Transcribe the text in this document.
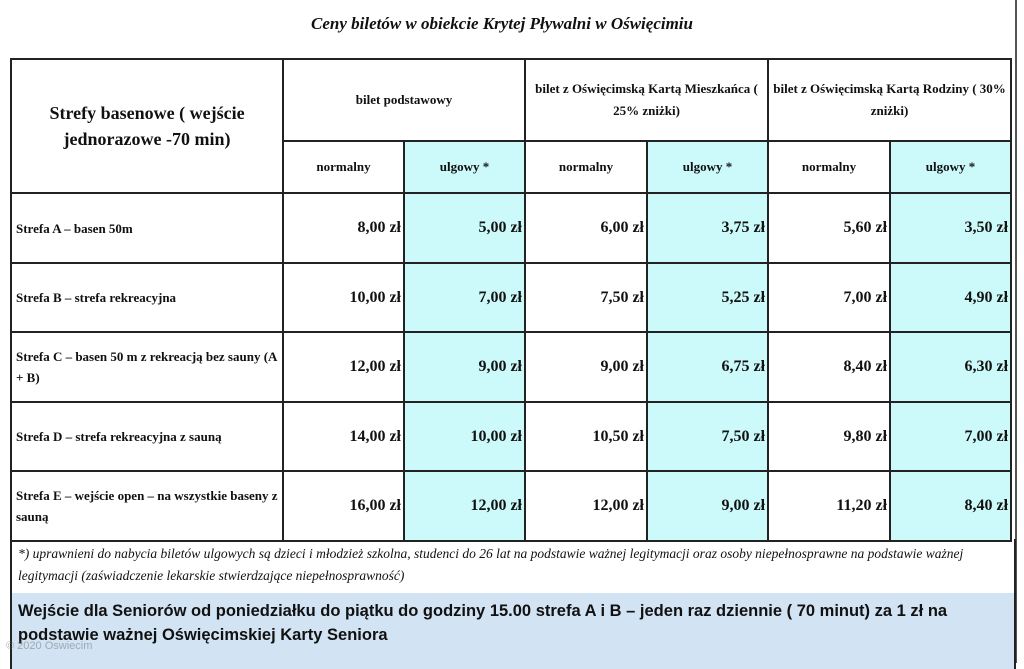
Ceny biletów w obiekcie Krytej Pływalni w Oświęcimiu
Strefy basenowe ( wejście jednorazowe -70 min)	bilet podstawowy		bilet z Oświęcimską Kartą Mieszkańca ( 25% zniżki)		bilet z Oświęcimską Kartą Rodziny ( 30% zniżki)	
	normalny	ulgowy *	normalny	ulgowy *	normalny	ulgowy *
Strefa A – basen 50m	8,00 zł	5,00 zł	6,00 zł	3,75 zł	5,60 zł	3,50 zł
Strefa B – strefa rekreacyjna	10,00 zł	7,00 zł	7,50 zł	5,25 zł	7,00 zł	4,90 zł
Strefa C – basen 50 m z rekreacją bez sauny (A + B)	12,00 zł	9,00 zł	9,00 zł	6,75 zł	8,40 zł	6,30 zł
Strefa D – strefa rekreacyjna z sauną	14,00 zł	10,00 zł	10,50 zł	7,50 zł	9,80 zł	7,00 zł
Strefa E – wejście open – na wszystkie baseny z sauną	16,00 zł	12,00 zł	12,00 zł	9,00 zł	11,20 zł	8,40 zł
*) uprawnieni do nabycia biletów ulgowych są dzieci i młodzież szkolna, studenci do 26 lat na podstawie ważnej legitymacji oraz osoby niepełnosprawne na podstawie ważnej legitymacji (zaświadczenie lekarskie stwierdzające niepełnosprawność)
Wejście dla Seniorów od poniedziałku do piątku do godziny 15.00 strefa A i B – jeden raz dziennie ( 70 minut) za 1 zł na podstawie ważnej Oświęcimskiej Karty Seniora
© 2020 Oswiecim
